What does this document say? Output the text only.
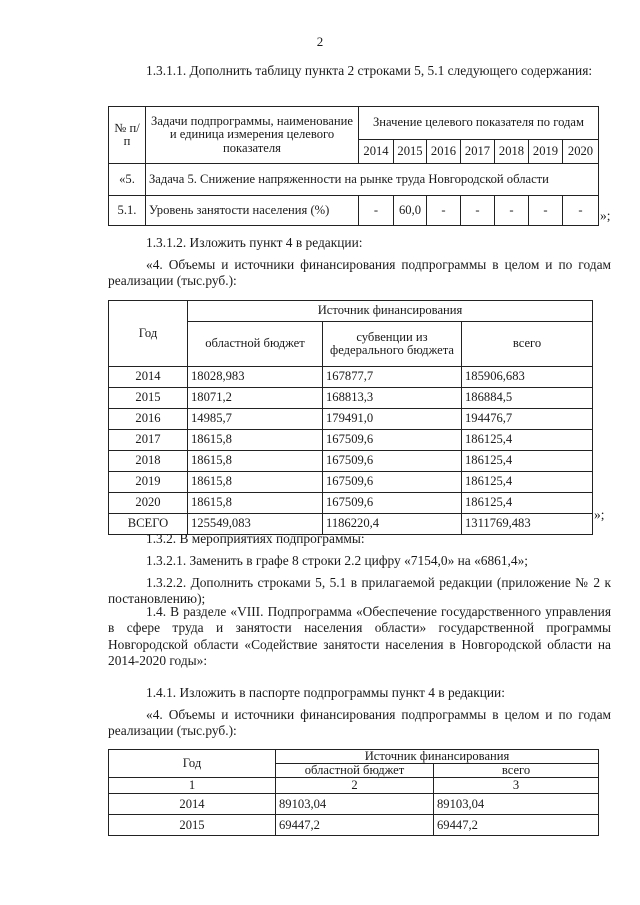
2
1.3.1.1. Дополнить таблицу пункта 2 строками 5, 5.1 следующего содержания:
№ п/п	Задачи подпрограммы, наименование и единица измерения целевого показателя	Значение целевого показателя по годам						
		2014	2015	2016	2017	2018	2019	2020
«5.	Задача 5. Снижение напряженности на рынке труда Новгородской области							
5.1.	Уровень занятости населения (%)	-	60,0	-	-	-	-	- »;
1.3.1.2. Изложить пункт 4 в редакции:
«4. Объемы и источники финансирования подпрограммы в целом и по годам реализации (тыс.руб.):
Год	Источник финансирования		
	областной бюджет	субвенции из федерального бюджета	всего
2014	18028,983	167877,7	185906,683
2015	18071,2	168813,3	186884,5
2016	14985,7	179491,0	194476,7
2017	18615,8	167509,6	186125,4
2018	18615,8	167509,6	186125,4
2019	18615,8	167509,6	186125,4
2020	18615,8	167509,6	186125,4
ВСЕГО	125549,083	1186220,4	1311769,483
»;
1.3.2. В мероприятиях подпрограммы:
1.3.2.1. Заменить в графе 8 строки 2.2 цифру «7154,0» на «6861,4»;
1.3.2.2. Дополнить строками 5, 5.1 в прилагаемой редакции (приложение № 2 к постановлению);
1.4. В разделе «VIII. Подпрограмма «Обеспечение государственного управления в сфере труда и занятости населения области» государственной программы Новгородской области «Содействие занятости населения в Новгородской области на 2014-2020 годы»:
1.4.1. Изложить в паспорте подпрограммы пункт 4 в редакции:
«4. Объемы и источники финансирования подпрограммы в целом и по годам реализации (тыс.руб.):
Год	Источник финансирования	
	областной бюджет	всего
1	2	3
2014	89103,04	89103,04
2015	69447,2	69447,2
